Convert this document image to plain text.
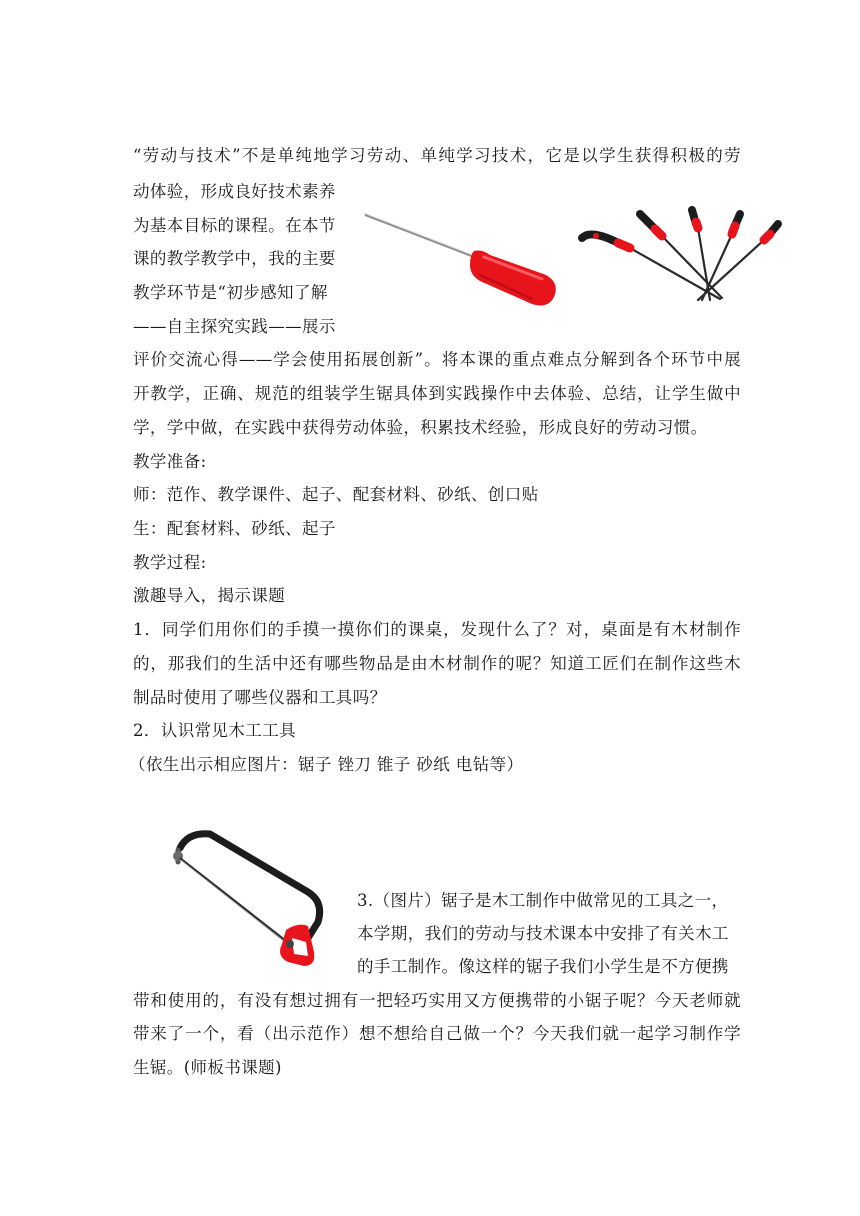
“劳动与技术”不是单纯地学习劳动、单纯学习技术，它是以学生获得积极的劳
动体验，形成良好技术素养
为基本目标的课程。在本节
课的教学教学中，我的主要
教学环节是“初步感知了解
——自主探究实践——展示
评价交流心得——学会使用拓展创新”。将本课的重点难点分解到各个环节中展
开教学，正确、规范的组装学生锯具体到实践操作中去体验、总结，让学生做中
学，学中做，在实践中获得劳动体验，积累技术经验，形成良好的劳动习惯。
教学准备:
师：范作、教学课件、起子、配套材料、砂纸、创口贴
生：配套材料、砂纸、起子
教学过程:
激趣导入，揭示课题
1．同学们用你们的手摸一摸你们的课桌，发现什么了？对，桌面是有木材制作
的，那我们的生活中还有哪些物品是由木材制作的呢？知道工匠们在制作这些木
制品时使用了哪些仪器和工具吗？
2．认识常见木工工具
（依生出示相应图片：锯子 锉刀 锥子 砂纸 电钻等）
3.（图片）锯子是木工制作中做常见的工具之一，
本学期，我们的劳动与技术课本中安排了有关木工
的手工制作。像这样的锯子我们小学生是不方便携
带和使用的，有没有想过拥有一把轻巧实用又方便携带的小锯子呢？今天老师就
带来了一个，看（出示范作）想不想给自己做一个？今天我们就一起学习制作学
生锯。(师板书课题)
